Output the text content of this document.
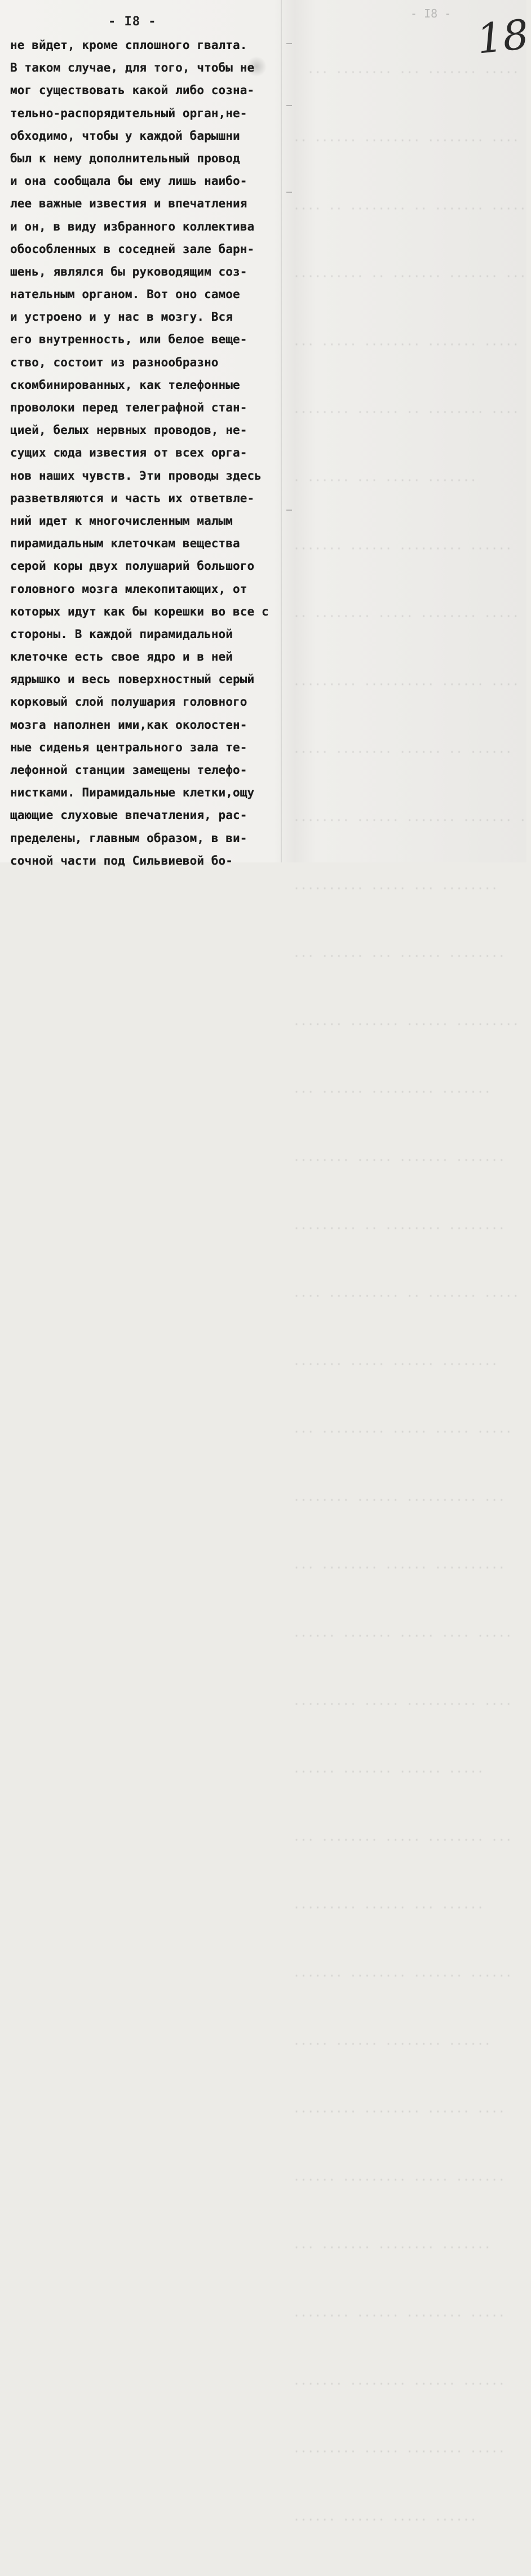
··· ········ ··· ······· ·····

·· ······ ········ ········ ····

···· ·· ········ ·· ······· ·····

·········· ·· ······· ······· ···

··· ····· ········ ······· ·····

········ ······ ·· ········ ····

· ······ ··· ····· ·······

······· ······ ········· ······

·· ········ ····· ········ ·····

········· ·········· ······ ····

····· ········ ······ ·· ······

········ ······ ······· ······· ·

·········· ····· ··· ········

··· ······ ··· ······ ········

······· ······· ······ ·········

··· ······ ········· ·······

········ ····· ······· ·······

········· ·· ········ ········

···· ·········· ·· ······· ·····

······· ····· ······ ········

··· ········· ····· ····· ·····

········ ······ ·········· ···

··· ········ ······ ··········

······ ······· ····· ···· ·····

········· ····· ·········· ····

······ ······· ······ ·····

··· ········ ····· ········ ···

········· ······ ··· ······

······· ········ ······· ······

····· ······ ········ ······

········· ········ ······ ····

······ ········· ····· ·······

··· ······· ········ ·······

········ ······ ········ ·····

······· ········ ······ ······

········· ····· ········ ·····

······ ······ ····· ······

- I8 -
- I8 -	18
не вйдет, кроме сплошного гвалта.
В таком случае, для того, чтобы не
мог существовать какой либо созна-
тельно-распорядительный орган,не-
обходимо, чтобы у каждой барышни
был к нему дополнительный провод
и она сообщала бы ему лишь наибо-
лее важные известия и впечатления
и он, в виду избранного коллектива
обособленных в соседней зале барн-
шень, являлся бы руководящим соз-
нательным органом. Вот оно самое
и устроено и у нас в мозгу. Вся
его внутренность, или белое веще-
ство, состоит из разнообразно
скомбинированных, как телефонные
проволоки перед телеграфной стан-
цией, белых нервных проводов, не-
сущих сюда известия от всех орга-
нов наших чувств. Эти проводы здесь
разветвляются и часть их ответвле-
ний идет к многочисленным малым
пирамидальным клеточкам вещества
серой коры двух полушарий большого
головного мозга млекопитающих, от
которых идут как бы корешки во все с
стороны. В каждой пирамидальной
клеточке есть свое ядро и в ней
ядрышко и весь поверхностный серый
корковый слой полушария головного
мозга наполнен ими,как околостен-
ные сиденья центрального зала те-
лефонной станции замещены телефо-
нистками. Пирамидальные клетки,ощу
щающие слуховые впечатления, рас-
пределены, главным образом, в ви-
сочной части под Сильвиевой бо-
